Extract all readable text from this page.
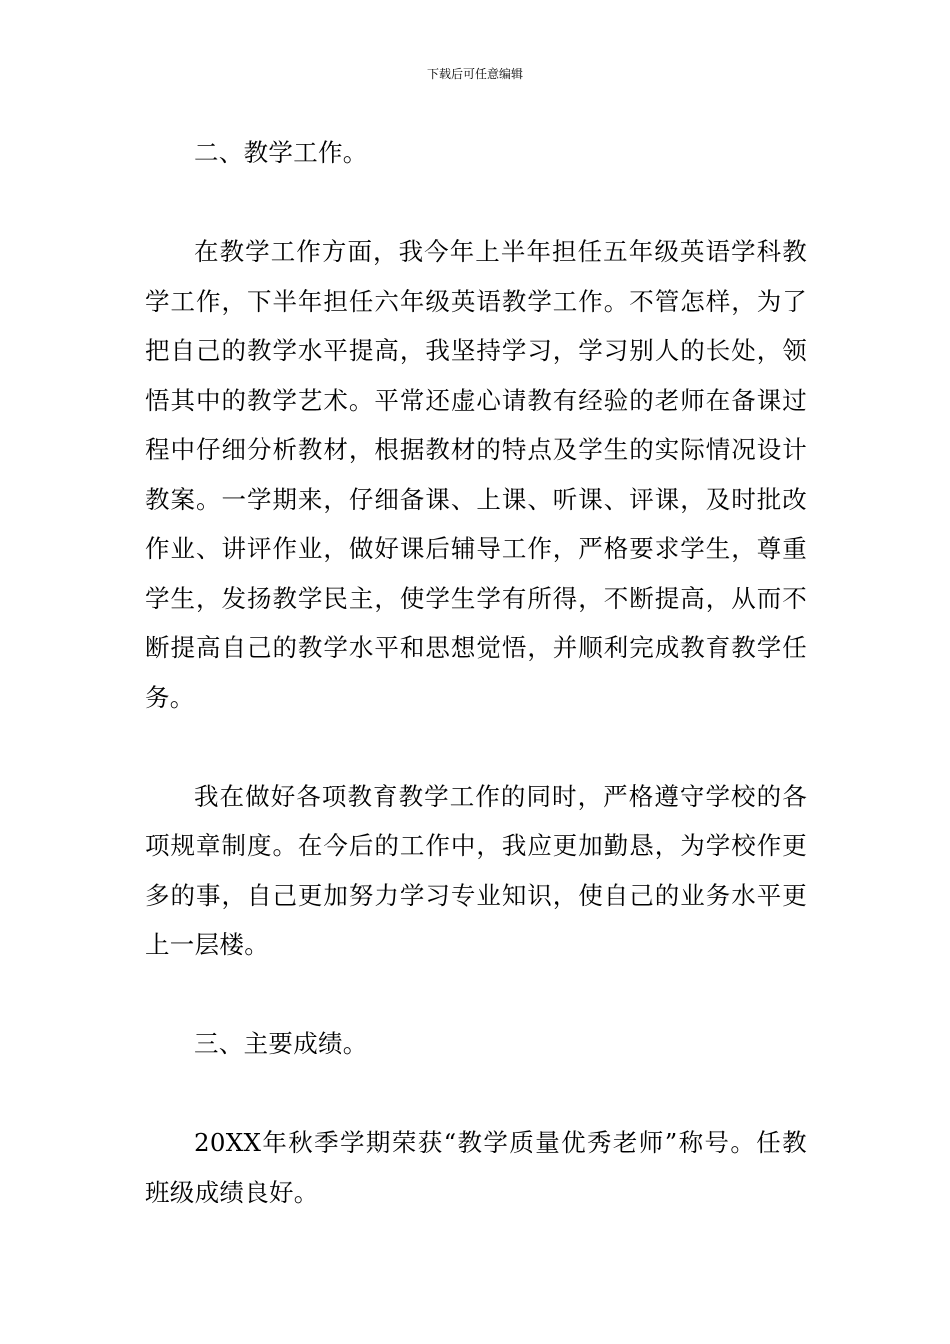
下载后可任意编辑

二、教学工作。

在教学工作方面，我今年上半年担任五年级英语学科教学工作，下半年担任六年级英语教学工作。不管怎样，为了把自己的教学水平提高，我坚持学习，学习别人的长处，领悟其中的教学艺术。平常还虚心请教有经验的老师在备课过程中仔细分析教材，根据教材的特点及学生的实际情况设计教案。一学期来，仔细备课、上课、听课、评课，及时批改作业、讲评作业，做好课后辅导工作，严格要求学生，尊重学生，发扬教学民主，使学生学有所得，不断提高，从而不断提高自己的教学水平和思想觉悟，并顺利完成教育教学任务。

我在做好各项教育教学工作的同时，严格遵守学校的各项规章制度。在今后的工作中，我应更加勤恳，为学校作更多的事，自己更加努力学习专业知识，使自己的业务水平更上一层楼。

三、主要成绩。

20XX年秋季学期荣获“教学质量优秀老师”称号。任教班级成绩良好。
